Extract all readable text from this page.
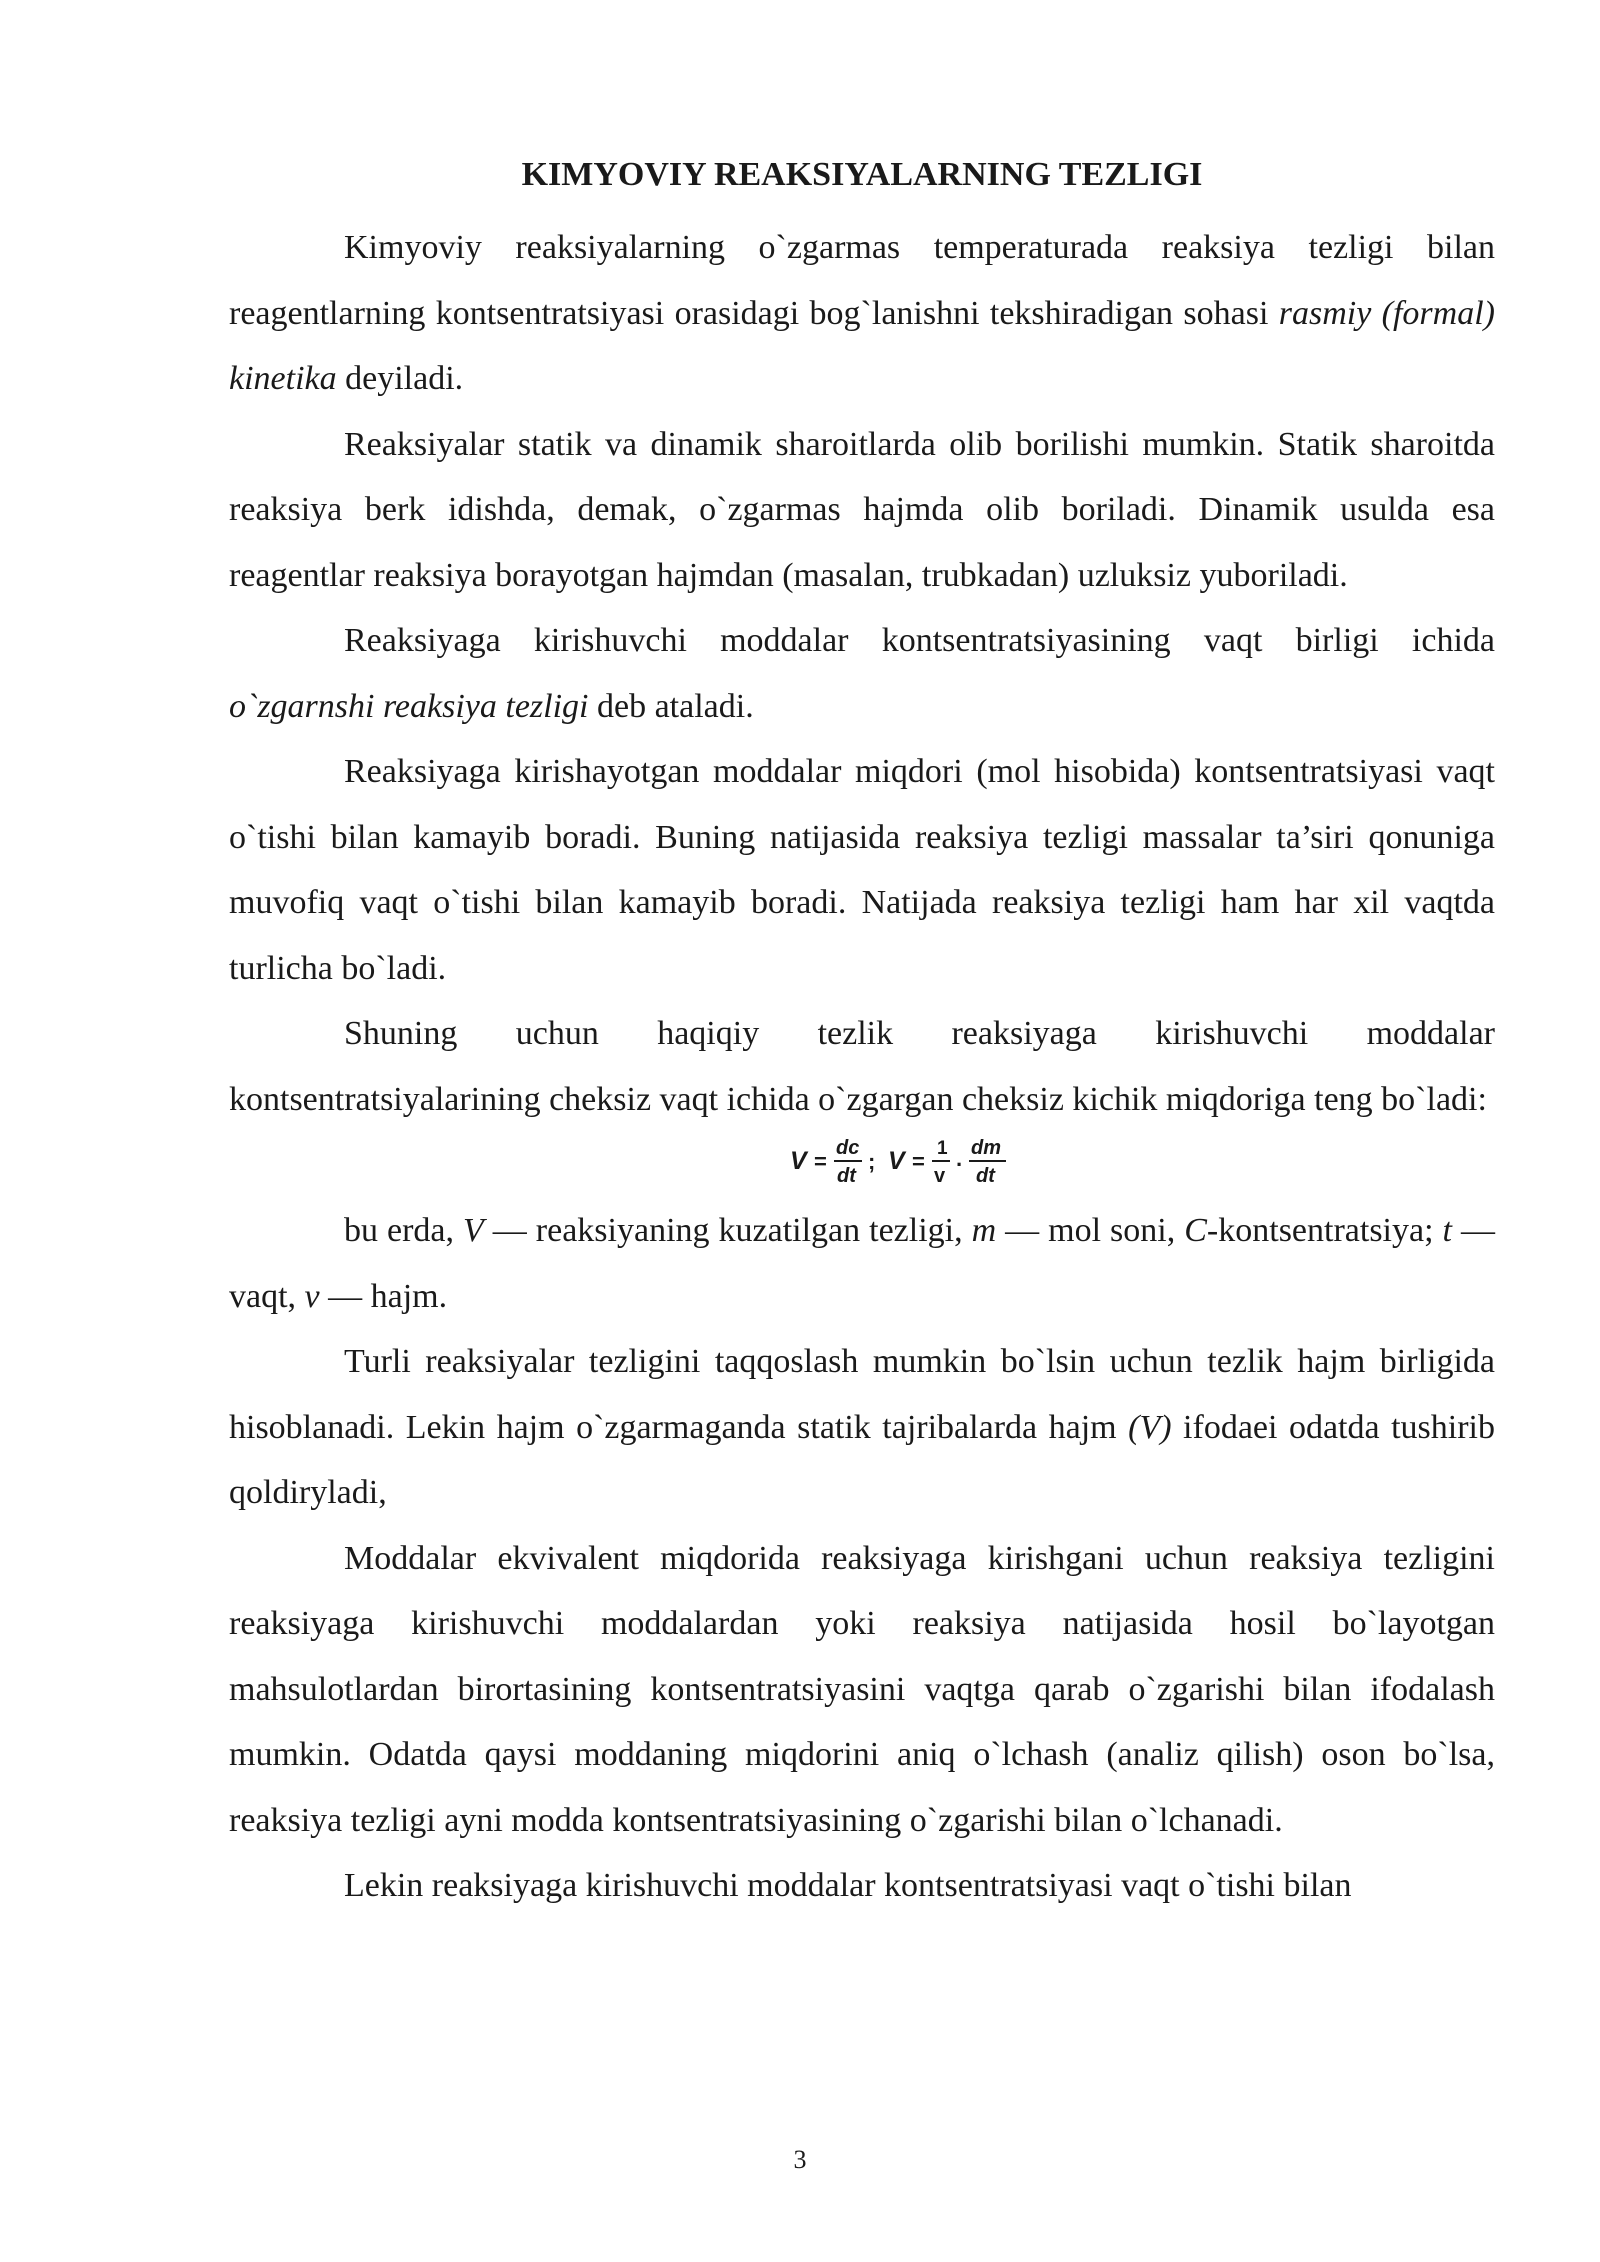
KIMYOVIY REAKSIYALARNING TEZLIGI

Kimyoviy reaksiyalarning o`zgarmas temperaturada reaksiya tezligi bilan reagentlarning kontsentratsiyasi orasidagi bog`lanishni tekshiradigan sohasi rasmiy (formal) kinetika deyiladi.

Reaksiyalar statik va dinamik sharoitlarda olib borilishi mumkin. Statik sharoitda reaksiya berk idishda, demak, o`zgarmas hajmda olib boriladi. Dinamik usulda esa reagentlar reaksiya borayotgan hajmdan (masalan, trubkadan) uzluksiz yuboriladi.

Reaksiyaga kirishuvchi moddalar kontsentratsiyasining vaqt birligi ichida o`zgarnshi reaksiya tezligi deb ataladi.

Reaksiyaga kirishayotgan moddalar miqdori (mol hisobida) kontsentratsiyasi vaqt o`tishi bilan kamayib boradi. Buning natijasida reaksiya tezligi massalar ta’siri qonuniga muvofiq vaqt o`tishi bilan kamayib boradi. Natijada reaksiya tezligi ham har xil vaqtda turlicha bo`ladi.

Shuning uchun haqiqiy tezlik reaksiyaga kirishuvchi moddalar kontsentratsiyalarining cheksiz vaqt ichida o`zgargan cheksiz kichik miqdoriga teng bo`ladi:

V =
dc
dt
; V =
1
v ·
dm
dt

bu erda, V — reaksiyaning kuzatilgan tezligi, m — mol soni, C-kontsentratsiya; t — vaqt, v — hajm.

Turli reaksiyalar tezligini taqqoslash mumkin bo`lsin uchun tezlik hajm birligida hisoblanadi. Lekin hajm o`zgarmaganda statik tajribalarda hajm (V) ifodaei odatda tushirib qoldiryladi,

Moddalar ekvivalent miqdorida reaksiyaga kirishgani uchun reaksiya tezligini reaksiyaga kirishuvchi moddalardan yoki reaksiya natijasida hosil bo`layotgan mahsulotlardan birortasining kontsentratsiyasini vaqtga qarab o`zgarishi bilan ifodalash mumkin. Odatda qaysi moddaning miqdorini aniq o`lchash (analiz qilish) oson bo`lsa, reaksiya tezligi ayni modda kontsentratsiyasining o`zgarishi bilan o`lchanadi.

Lekin reaksiyaga kirishuvchi moddalar kontsentratsiyasi vaqt o`tishi bilan

3
